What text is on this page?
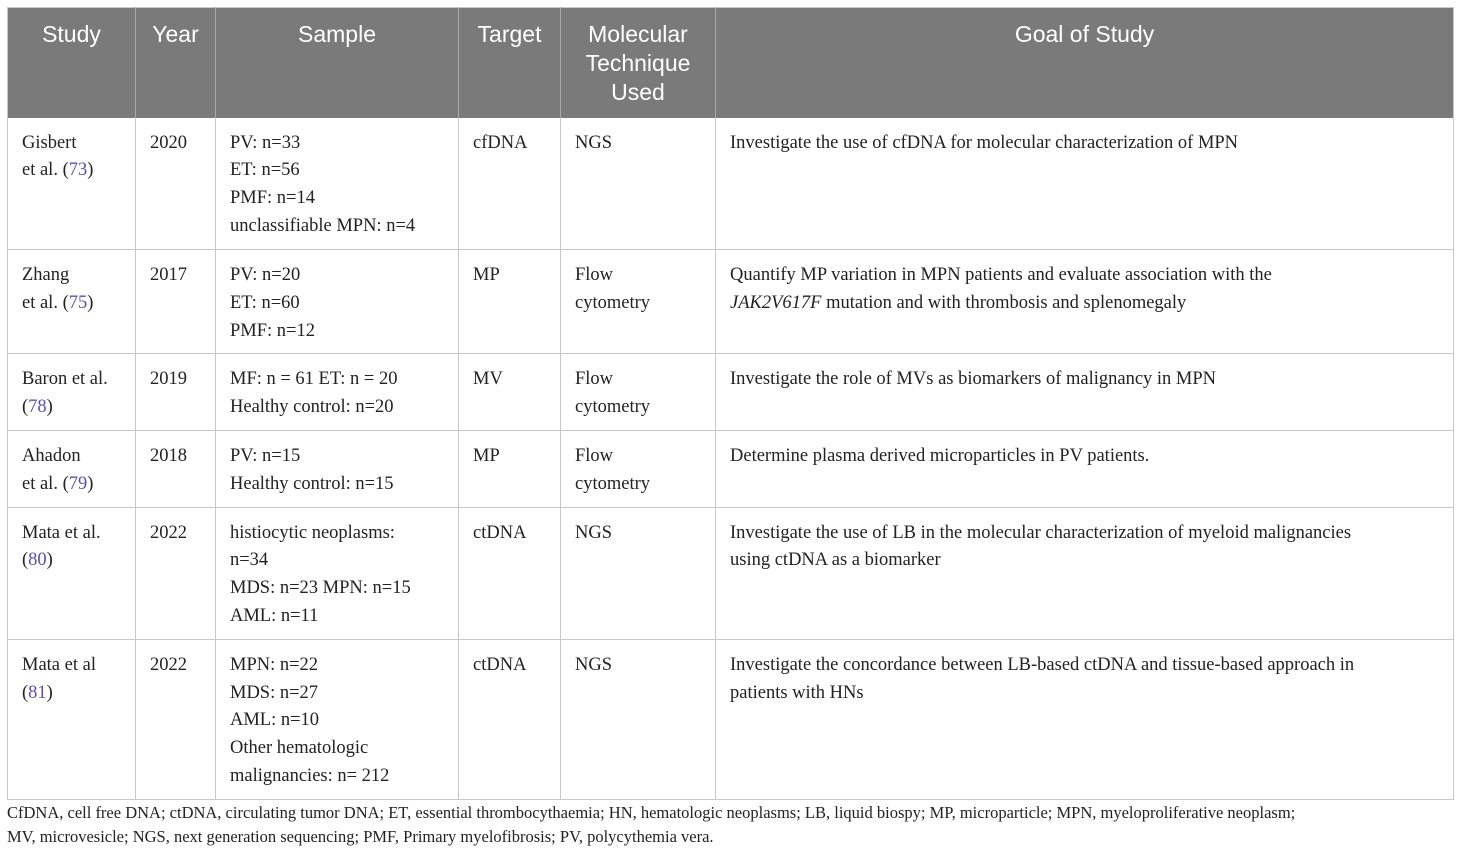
Study	Year	Sample	Target	Molecular
Technique
Used	Goal of Study

Gisbert
et al. (73)	2020	PV: n=33
ET: n=56
PMF: n=14
unclassifiable MPN: n=4	cfDNA	NGS	Investigate the use of cfDNA for molecular characterization of MPN

Zhang
et al. (75)	2017	PV: n=20
ET: n=60
PMF: n=12	MP	Flow
cytometry	Quantify MP variation in MPN patients and evaluate association with the
JAK2V617F mutation and with thrombosis and splenomegaly

Baron et al.
(78)	2019	MF: n = 61 ET: n = 20
Healthy control: n=20	MV	Flow
cytometry	Investigate the role of MVs as biomarkers of malignancy in MPN

Ahadon
et al. (79)	2018	PV: n=15
Healthy control: n=15	MP	Flow
cytometry	Determine plasma derived microparticles in PV patients.

Mata et al.
(80)	2022	histiocytic neoplasms:
n=34
MDS: n=23 MPN: n=15
AML: n=11	ctDNA	NGS	Investigate the use of LB in the molecular characterization of myeloid malignancies
using ctDNA as a biomarker

Mata et al
(81)	2022	MPN: n=22
MDS: n=27
AML: n=10
Other hematologic
malignancies: n= 212	ctDNA	NGS	Investigate the concordance between LB-based ctDNA and tissue-based approach in
patients with HNs
CfDNA, cell free DNA; ctDNA, circulating tumor DNA; ET, essential thrombocythaemia; HN, hematologic neoplasms; LB, liquid biospy; MP, microparticle; MPN, myeloproliferative neoplasm;
MV, microvesicle; NGS, next generation sequencing; PMF, Primary myelofibrosis; PV, polycythemia vera.
